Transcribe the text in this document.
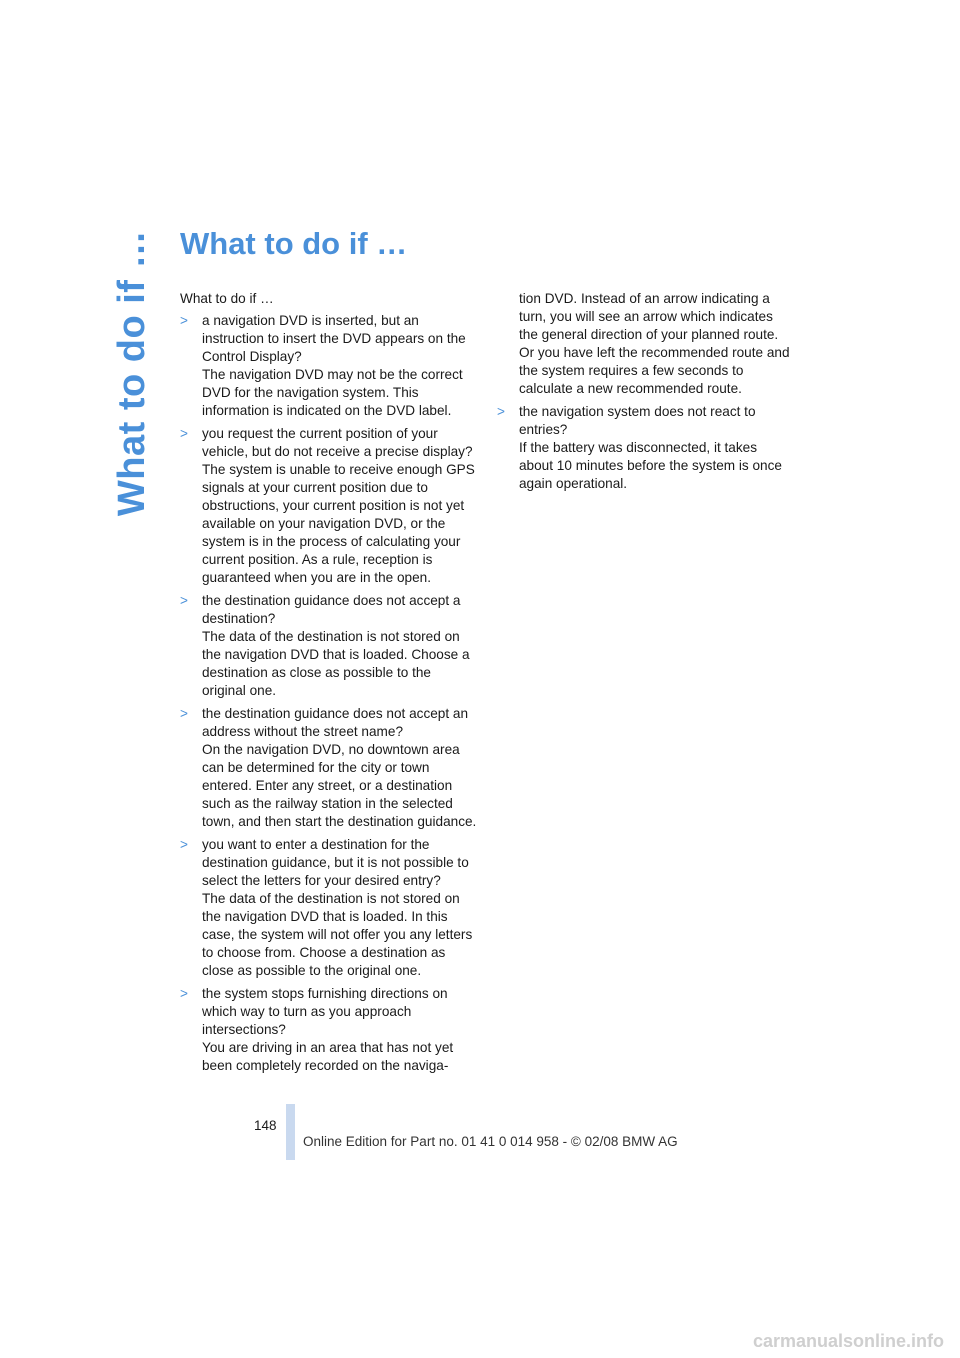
What to do if … What to do if …

What to do if …

>	a navigation DVD is inserted, but an instruction to insert the DVD appears on the Control Display?

The navigation DVD may not be the correct DVD for the navigation system. This information is indicated on the DVD label.

>	you request the current position of your vehicle, but do not receive a precise display?

The system is unable to receive enough GPS signals at your current position due to obstructions, your current position is not yet available on your navigation DVD, or the system is in the process of calculating your current position. As a rule, reception is guaranteed when you are in the open.

>	the destination guidance does not accept a destination?

The data of the destination is not stored on the navigation DVD that is loaded. Choose a destination as close as possible to the original one.

>	the destination guidance does not accept an address without the street name?

On the navigation DVD, no downtown area can be determined for the city or town entered. Enter any street, or a destination such as the railway station in the selected town, and then start the destination guidance.

>	you want to enter a destination for the destination guidance, but it is not possible to select the letters for your desired entry?

The data of the destination is not stored on the navigation DVD that is loaded. In this case, the system will not offer you any letters to choose from. Choose a destination as close as possible to the original one.

>	the system stops furnishing directions on which way to turn as you approach intersections?

You are driving in an area that has not yet been completely recorded on the naviga-

tion DVD. Instead of an arrow indicating a turn, you will see an arrow which indicates the general direction of your planned route. Or you have left the recommended route and the system requires a few seconds to calculate a new recommended route.

>	the navigation system does not react to entries?

If the battery was disconnected, it takes about 10 minutes before the system is once again operational.

148
Online Edition for Part no. 01 41 0 014 958 - © 02/08 BMW AG
carmanualsonline.info
